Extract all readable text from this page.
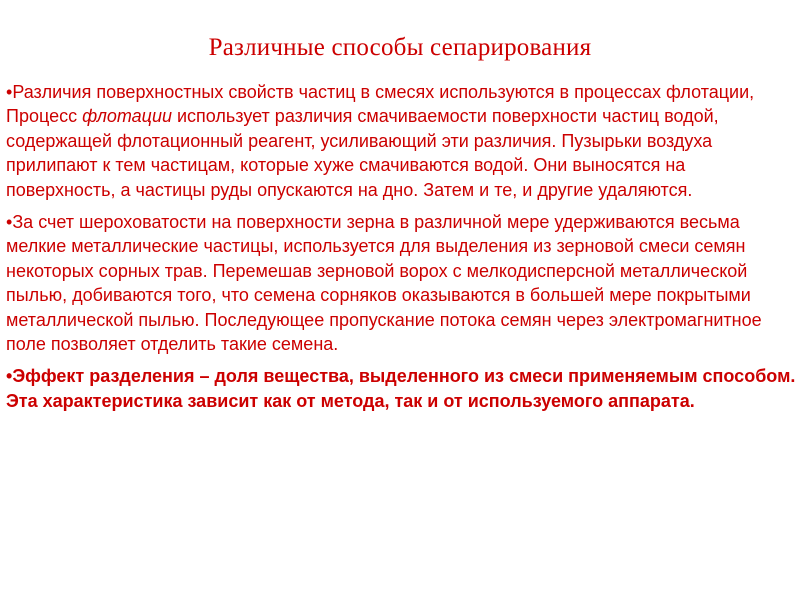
Различные способы сепарирования

•Различия поверхностных свойств частиц в смесях используются в процессах флотации, Процесс флотации использует различия смачиваемости поверхности частиц водой, содержащей флотационный реагент, усиливающий эти различия. Пузырьки воздуха прилипают к тем частицам, которые хуже смачиваются водой. Они выносятся на поверхность, а частицы руды опускаются на дно. Затем и те, и другие удаляются.

•За счет шероховатости на поверхности зерна в различной мере удерживаются весьма мелкие металлические частицы, используется для выделения из зерновой смеси семян некоторых сорных трав. Перемешав зерновой ворох с мелкодисперсной металлической пылью, добиваются того, что семена сорняков оказываются в большей мере покрытыми металлической пылью. Последующее пропускание потока семян через электромагнитное поле позволяет отделить такие семена.

•Эффект разделения – доля вещества, выделенного из смеси применяемым способом. Эта характеристика зависит как от метода, так и от используемого аппарата.
